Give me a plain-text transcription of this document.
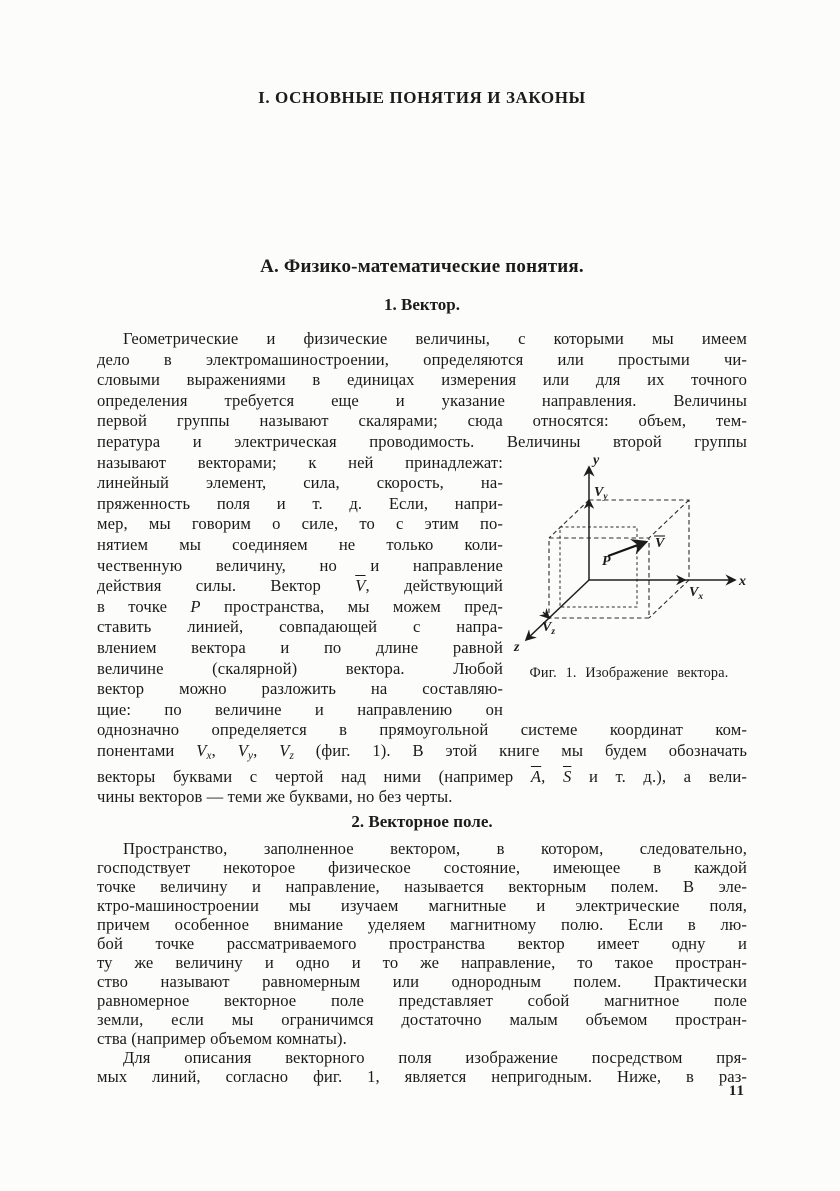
I. ОСНОВНЫЕ ПОНЯТИЯ И ЗАКОНЫ
А. Физико-математические понятия.
1. Вектор.
Геометрические и физические величины, с которыми мы имеем
дело в электромашиностроении, определяются или простыми чи-
словыми выражениями в единицах измерения или для их точного
определения требуется еще и указание направления. Величины
первой группы называют скалярами; сюда относятся: объем, тем-
пература и электрическая проводимость. Величины второй группы
называют векторами; к ней принадлежат:
линейный элемент, сила, скорость, на-
пряженность поля и т. д. Если, напри-
мер, мы говорим о силе, то с этим по-
нятием мы соединяем не только коли-
чественную величину, но и направление
действия силы. Вектор $\overline{V}$, действующий
в точке P пространства, мы можем пред-
ставить линией, совпадающей с напра-
влением вектора и по длине равной
величине (скалярной) вектора. Любой
вектор можно разложить на составляю-
щие: по величине и направлению он
однозначно определяется в прямоугольной системе координат ком-
понентами Vx, Vy, Vz (фиг. 1). В этой книге мы будем обозначать
векторы буквами с чертой над ними (например $\overline{A}$, $\overline{S}$ и т. д.), а вели-
чины векторов — теми же буквами, но без черты.
2. Векторное поле.
Пространство, заполненное вектором, в котором, следовательно,
господствует некоторое физическое состояние, имеющее в каждой
точке величину и направление, называется векторным полем. В эле-
ктро-машиностроении мы изучаем магнитные и электрические поля,
причем особенное внимание уделяем магнитному полю. Если в лю-
бой точке рассматриваемого пространства вектор имеет одну и
ту же величину и одно и то же направление, то такое простран-
ство называют равномерным или однородным полем. Практически
равномерное векторное поле представляет собой магнитное поле
земли, если мы ограничимся достаточно малым объемом простран-
ства (например объемом комнаты).
Для описания векторного поля изображение посредством пря-
мых линий, согласно фиг. 1, является непригодным. Ниже, в раз-
y
x
z
$V_y$
$V_x$
$V_z$
V
P
Фиг. 1. Изображение вектора.
11
